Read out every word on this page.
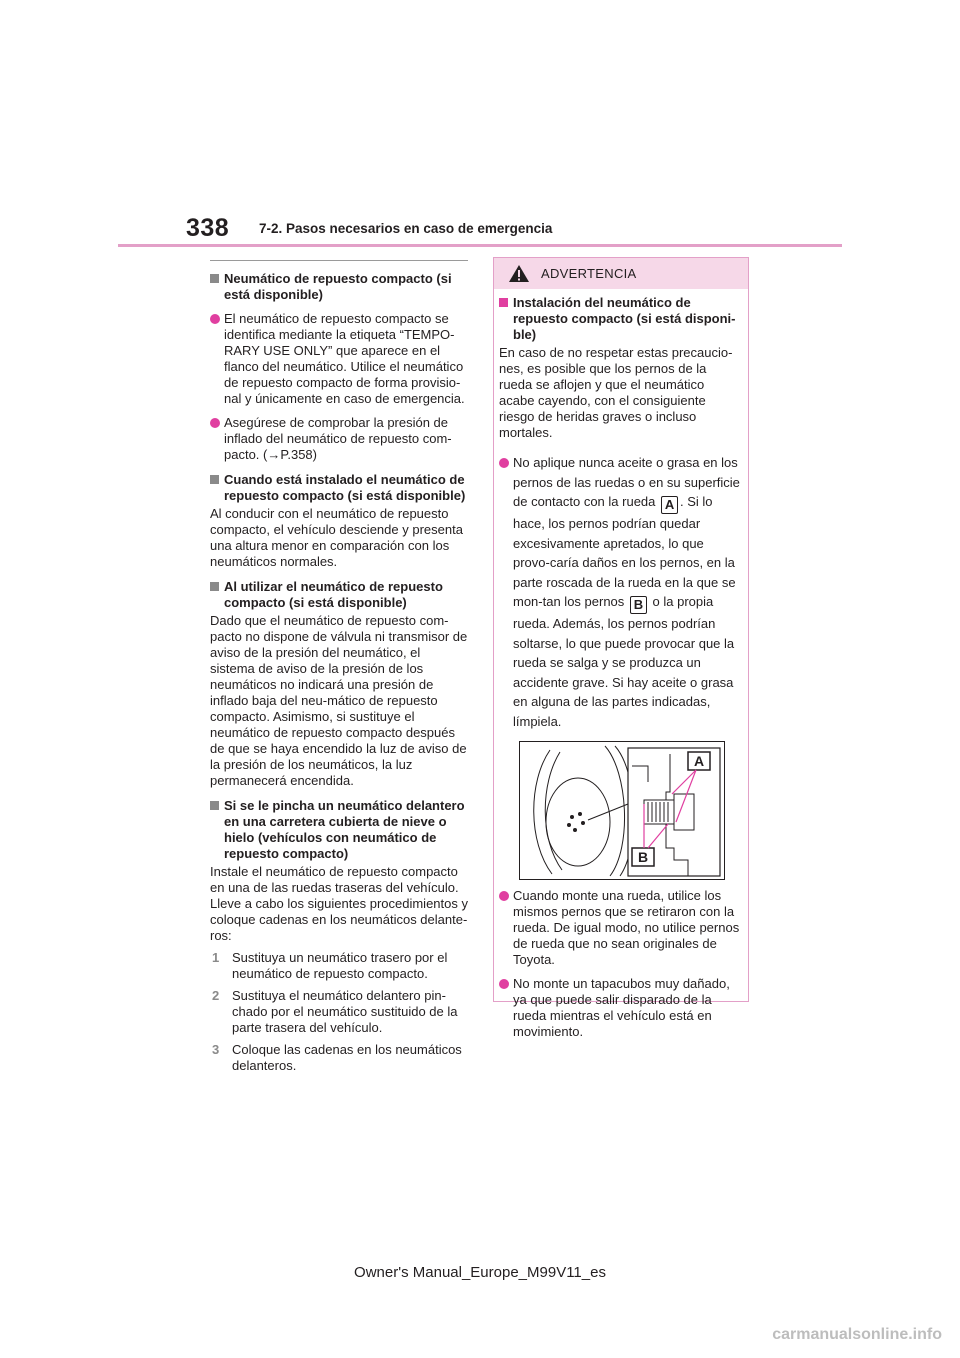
338 7-2. Pasos necesarios en caso de emergencia
Neumático de repuesto compacto (si está disponible)
El neumático de repuesto compacto se identifica mediante la etiqueta “TEMPO-RARY USE ONLY” que aparece en el flanco del neumático. Utilice el neumático de repuesto compacto de forma provisio-nal y únicamente en caso de emergencia.
Asegúrese de comprobar la presión de inflado del neumático de repuesto com-pacto. (→P.358)
Cuando está instalado el neumático de repuesto compacto (si está disponible)
Al conducir con el neumático de repuesto compacto, el vehículo desciende y presenta una altura menor en comparación con los neumáticos normales.
Al utilizar el neumático de repuesto compacto (si está disponible)
Dado que el neumático de repuesto com-pacto no dispone de válvula ni transmisor de aviso de la presión del neumático, el sistema de aviso de la presión de los neumáticos no indicará una presión de inflado baja del neu-mático de repuesto compacto. Asimismo, si sustituye el neumático de repuesto compacto después de que se haya encendido la luz de aviso de la presión de los neumáticos, la luz permanecerá encendida.
Si se le pincha un neumático delantero en una carretera cubierta de nieve o hielo (vehículos con neumático de repuesto compacto)
Instale el neumático de repuesto compacto en una de las ruedas traseras del vehículo. Lleve a cabo los siguientes procedimientos y coloque cadenas en los neumáticos delante-ros:
1 Sustituya un neumático trasero por el neumático de repuesto compacto.
2 Sustituya el neumático delantero pin-chado por el neumático sustituido de la parte trasera del vehículo.
3 Coloque las cadenas en los neumáticos delanteros.
ADVERTENCIA
Instalación del neumático de repuesto compacto (si está disponi-ble)
En caso de no respetar estas precaucio-nes, es posible que los pernos de la rueda se aflojen y que el neumático acabe cayendo, con el consiguiente riesgo de heridas graves o incluso mortales.
No aplique nunca aceite o grasa en los pernos de las ruedas o en su superficie de contacto con la rueda A . Si lo hace, los pernos podrían quedar excesivamente apretados, lo que provo-caría daños en los pernos, en la parte roscada de la rueda en la que se mon-tan los pernos B o la propia rueda. Además, los pernos podrían soltarse, lo que puede provocar que la rueda se salga y se produzca un accidente grave. Si hay aceite o grasa en alguna de las partes indicadas, límpiela.
A
B
Cuando monte una rueda, utilice los mismos pernos que se retiraron con la rueda. De igual modo, no utilice pernos de rueda que no sean originales de Toyota.
No monte un tapacubos muy dañado, ya que puede salir disparado de la rueda mientras el vehículo está en movimiento.
Owner's Manual_Europe_M99V11_es
carmanualsonline.info
